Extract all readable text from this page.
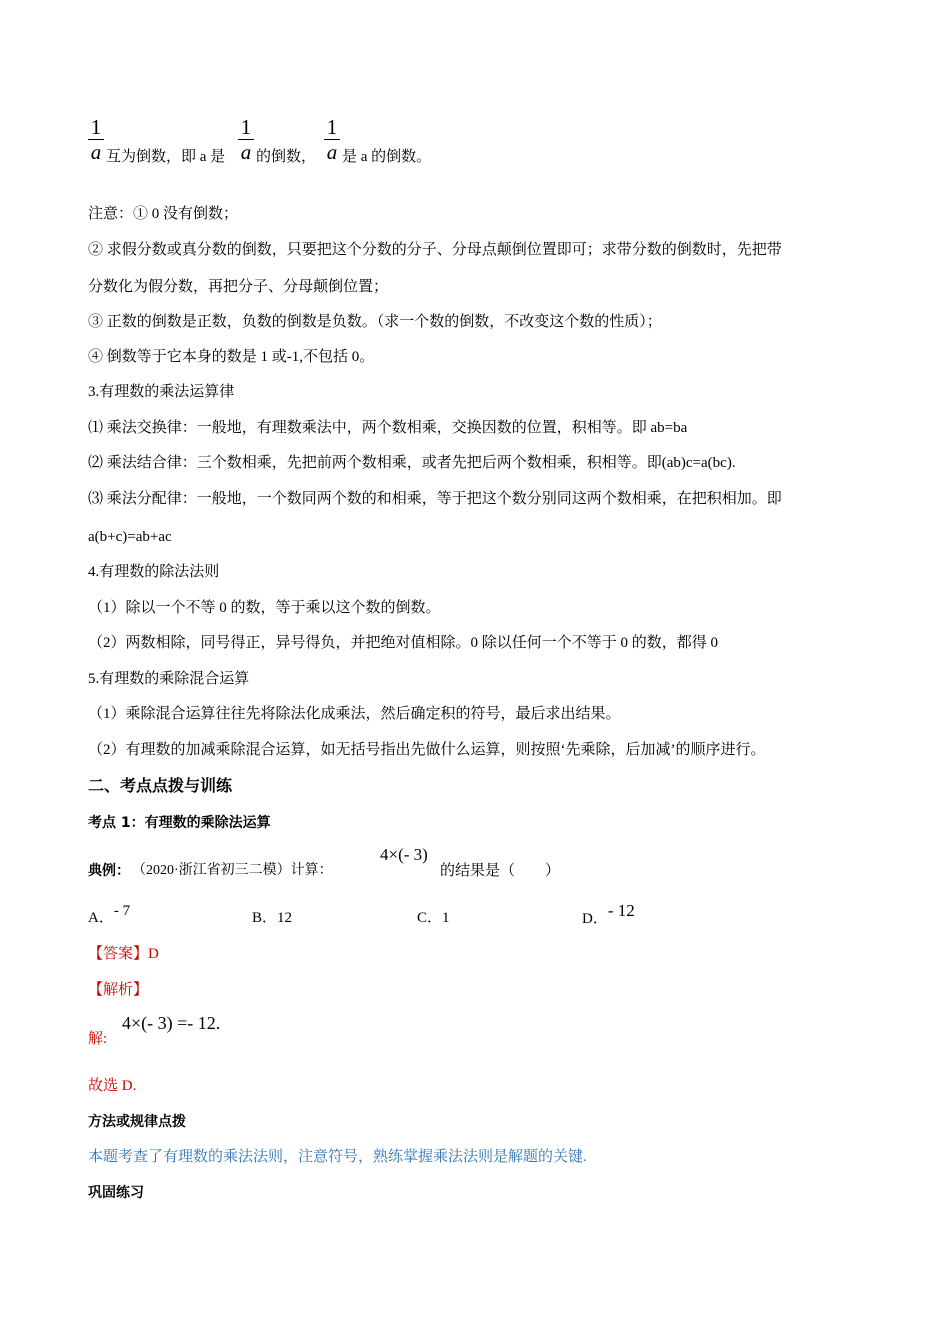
1
a 互为倒数，即 a 是
1
a 的倒数，
1
a 是 a 的倒数。
注意：① 0 没有倒数；
② 求假分数或真分数的倒数，只要把这个分数的分子、分母点颠倒位置即可；求带分数的倒数时，先把带
分数化为假分数，再把分子、分母颠倒位置；
③ 正数的倒数是正数，负数的倒数是负数。（求一个数的倒数，不改变这个数的性质）；
④ 倒数等于它本身的数是 1 或-1,不包括 0。
3.有理数的乘法运算律
⑴ 乘法交换律：一般地，有理数乘法中，两个数相乘，交换因数的位置，积相等。即 ab=ba
⑵ 乘法结合律：三个数相乘，先把前两个数相乘，或者先把后两个数相乘，积相等。即(ab)c=a(bc).
⑶ 乘法分配律：一般地，一个数同两个数的和相乘，等于把这个数分别同这两个数相乘，在把积相加。即
a(b+c)=ab+ac
4.有理数的除法法则
（1）除以一个不等 0 的数，等于乘以这个数的倒数。
（2）两数相除，同号得正，异号得负，并把绝对值相除。0 除以任何一个不等于 0 的数，都得 0
5.有理数的乘除混合运算
（1）乘除混合运算往往先将除法化成乘法，然后确定积的符号，最后求出结果。
（2）有理数的加减乘除混合运算，如无括号指出先做什么运算，则按照‘先乘除，后加减’的顺序进行。
二、考点点拨与训练
考点 1：有理数的乘除法运算
典例： （2020·浙江省初三二模）计算：
4×(- 3)
的结果是（　　）
A．- 7	B．12	C．1	D．- 12
【答案】D
【解析】
解:
4×(- 3) =- 12.
故选 D.
方法或规律点拨
本题考查了有理数的乘法法则，注意符号，熟练掌握乘法法则是解题的关键.
巩固练习
